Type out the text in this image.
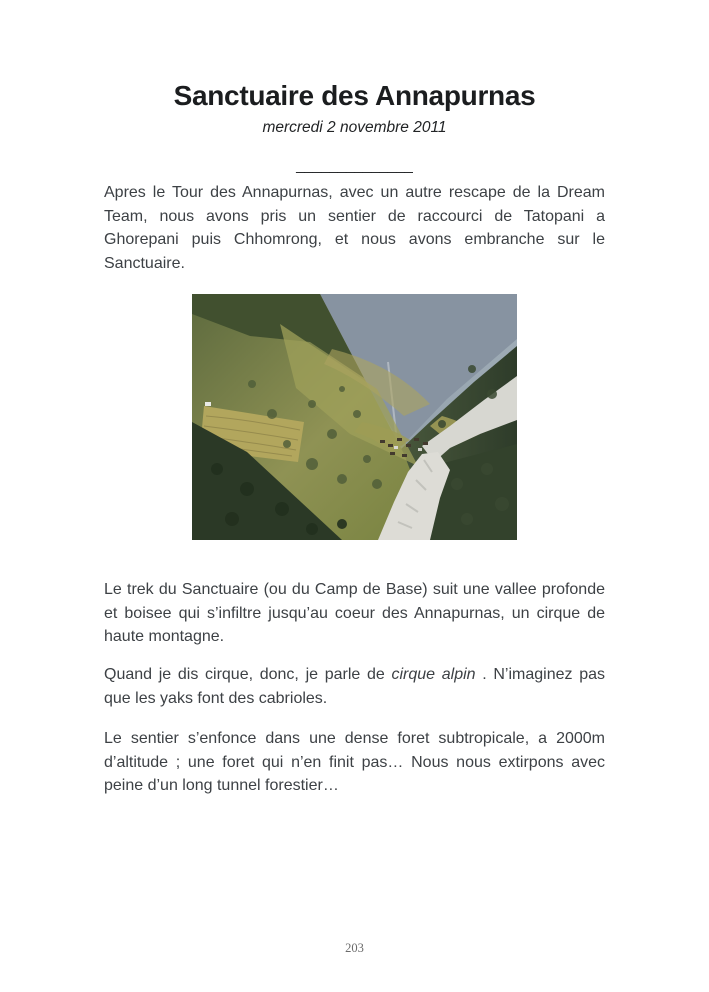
Sanctuaire des Annapurnas
mercredi 2 novembre 2011
______________

Apres le Tour des Annapurnas, avec un autre rescape de la Dream Team, nous avons pris un sentier de raccourci de Tatopani a Ghorepani puis Chhomrong, et nous avons embranche sur le Sanctuaire.

Le trek du Sanctuaire (ou du Camp de Base) suit une vallee profonde et boisee qui s’infiltre jusqu’au coeur des Annapurnas, un cirque de haute montagne.

Quand je dis cirque, donc, je parle de cirque alpin . N’imaginez pas que les yaks font des cabrioles.

Le sentier s’enfonce dans une dense foret subtropicale, a 2000m d’altitude ; une foret qui n’en finit pas… Nous nous extirpons avec peine d’un long tunnel forestier…

203
